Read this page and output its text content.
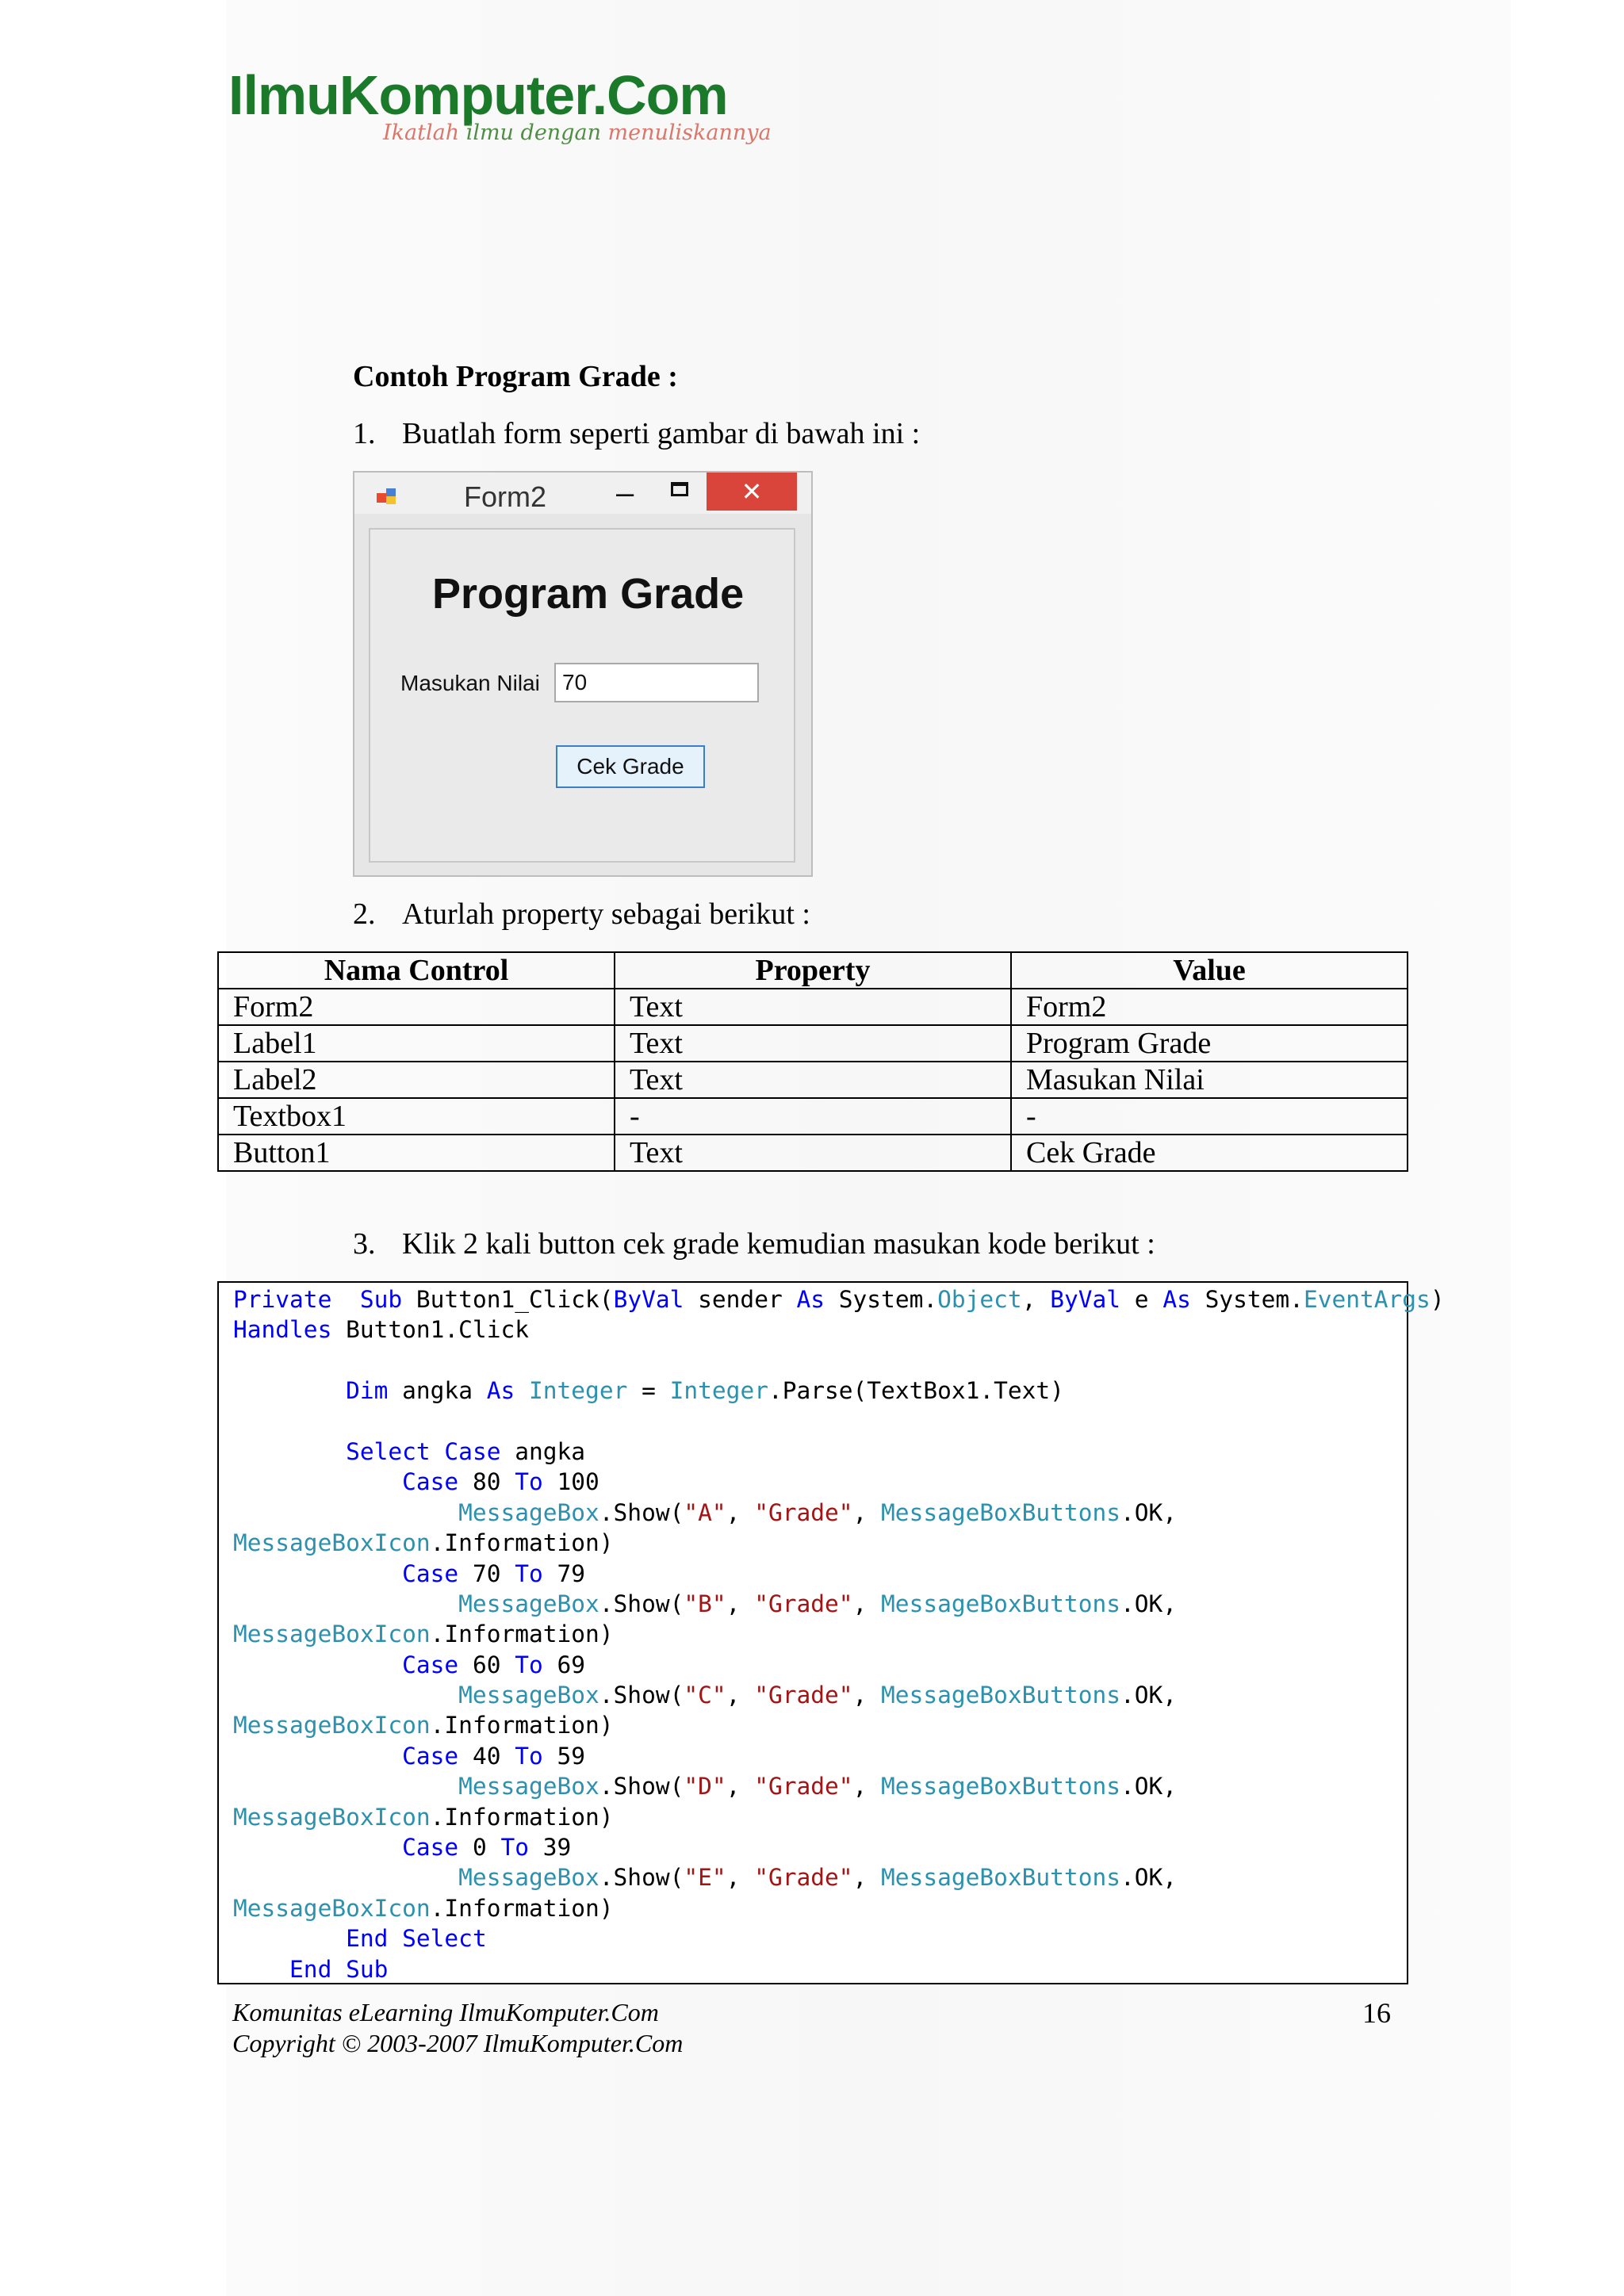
IlmuKomputer.Com
Ikatlah ilmu dengan menuliskannya
Contoh Program Grade :
1. Buatlah form seperti gambar di bawah ini :
Form2 –	✕
Program Grade
Masukan Nilai	70
Cek Grade
2. Aturlah property sebagai berikut :
Nama Control	Property	Value
Form2	Text	Form2
Label1	Text	Program Grade
Label2	Text	Masukan Nilai
Textbox1	-	-
Button1	Text	Cek Grade
3. Klik 2 kali button cek grade kemudian masukan kode berikut :
Private Sub Button1_Click(ByVal sender As System.Object, ByVal e As System.EventArgs)
Handles Button1.Click

Dim angka As Integer = Integer.Parse(TextBox1.Text)

Select Case angka
Case 80 To 100
MessageBox.Show("A", "Grade", MessageBoxButtons.OK,
MessageBoxIcon.Information)
Case 70 To 79
MessageBox.Show("B", "Grade", MessageBoxButtons.OK,
MessageBoxIcon.Information)
Case 60 To 69
MessageBox.Show("C", "Grade", MessageBoxButtons.OK,
MessageBoxIcon.Information)
Case 40 To 59
MessageBox.Show("D", "Grade", MessageBoxButtons.OK,
MessageBoxIcon.Information)
Case 0 To 39
MessageBox.Show("E", "Grade", MessageBoxButtons.OK,
MessageBoxIcon.Information)
End Select
End Sub
Komunitas eLearning IlmuKomputer.Com
Copyright © 2003-2007 IlmuKomputer.Com
16
